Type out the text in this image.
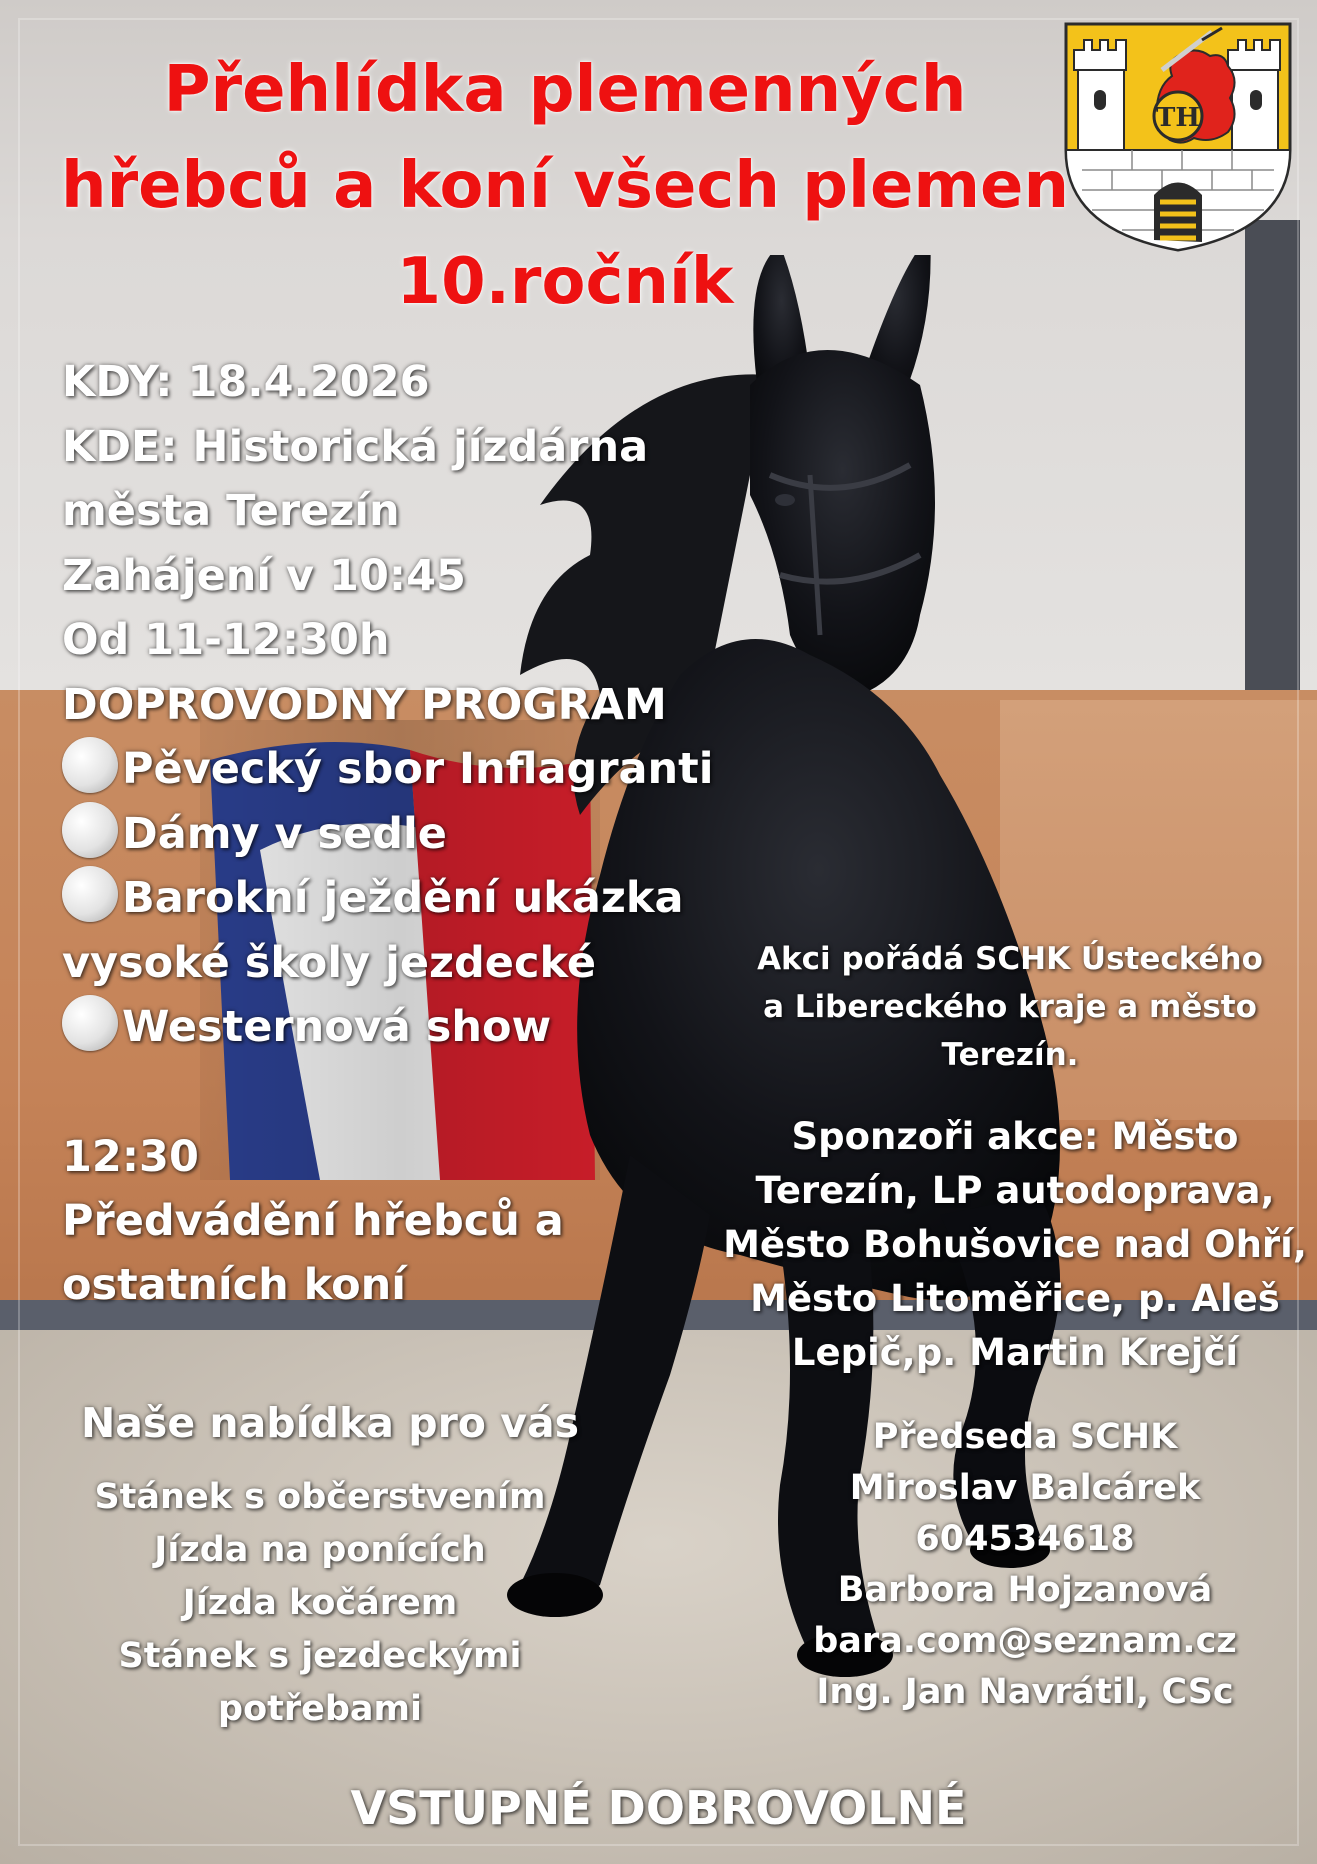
TH
Přehlídka plemenných
hřebců a koní všech plemen
10.ročník
KDY: 18.4.2026
KDE: Historická jízdárna
města Terezín
Zahájení v 10:45
Od 11-12:30h
DOPROVODNY PROGRAM
Pěvecký sbor Inflagranti
Dámy v sedle
Barokní ježdění ukázka
vysoké školy jezdecké
Westernová show
12:30
Předvádění hřebců a
ostatních koní
Naše nabídka pro vás
Stánek s občerstvením
Jízda na ponících
Jízda kočárem
Stánek s jezdeckými
potřebami
Akci pořádá SCHK Ústeckého
a Libereckého kraje a město
Terezín.
Sponzoři akce: Město
Terezín, LP autodoprava,
Město Bohušovice nad Ohří,
Město Litoměřice, p. Aleš
Lepič,p. Martin Krejčí
Předseda SCHK
Miroslav Balcárek
604534618
Barbora Hojzanová
bara.com@seznam.cz
Ing. Jan Navrátil, CSc
VSTUPNÉ DOBROVOLNÉ
